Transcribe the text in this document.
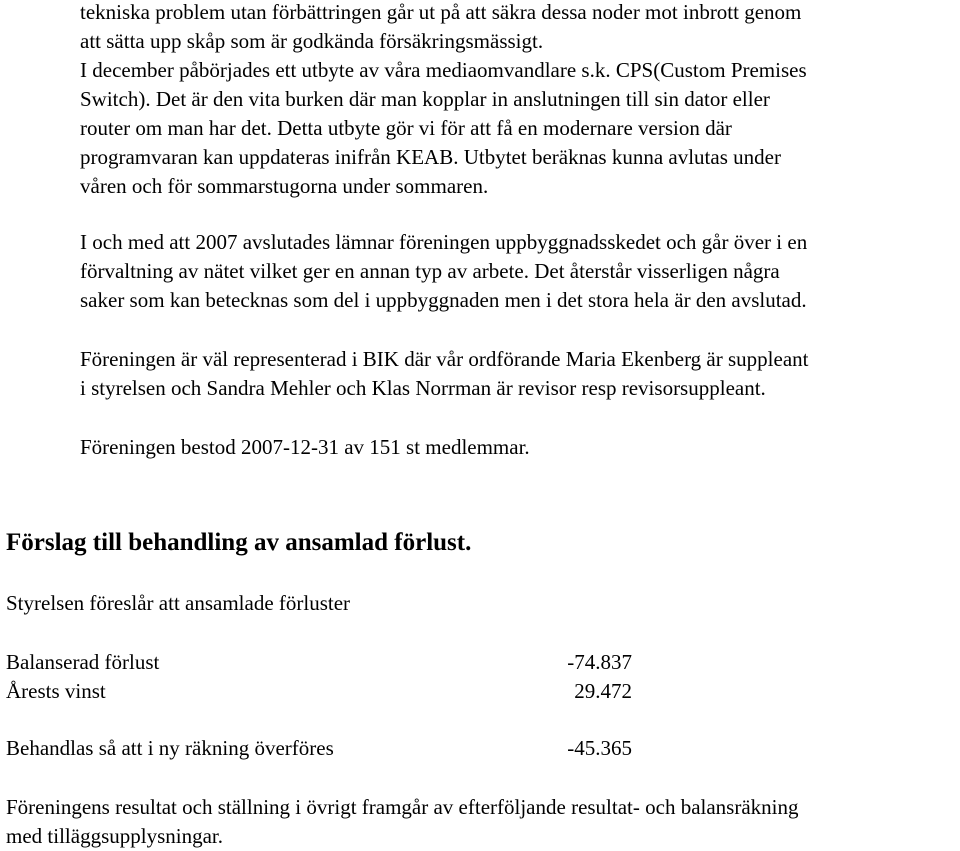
tekniska problem utan förbättringen går ut på att säkra dessa noder mot inbrott genom
att sätta upp skåp som är godkända försäkringsmässigt.
I december påbörjades ett utbyte av våra mediaomvandlare s.k. CPS(Custom Premises
Switch). Det är den vita burken där man kopplar in anslutningen till sin dator eller
router om man har det. Detta utbyte gör vi för att få en modernare version där
programvaran kan uppdateras inifrån KEAB. Utbytet beräknas kunna avlutas under
våren och för sommarstugorna under sommaren.

I och med att 2007 avslutades lämnar föreningen uppbyggnadsskedet och går över i en
förvaltning av nätet vilket ger en annan typ av arbete. Det återstår visserligen några
saker som kan betecknas som del i uppbyggnaden men i det stora hela är den avslutad.

Föreningen är väl representerad i BIK där vår ordförande Maria Ekenberg är suppleant
i styrelsen och Sandra Mehler och Klas Norrman är revisor resp revisorsuppleant.

Föreningen bestod 2007-12-31 av 151 st medlemmar.

Förslag till behandling av ansamlad förlust.

Styrelsen föreslår att ansamlade förluster

Balanserad förlust	-74.837
Årests vinst	29.472
Behandlas så att i ny räkning överföres	-45.365

Föreningens resultat och ställning i övrigt framgår av efterföljande resultat- och balansräkning
med tilläggsupplysningar.
